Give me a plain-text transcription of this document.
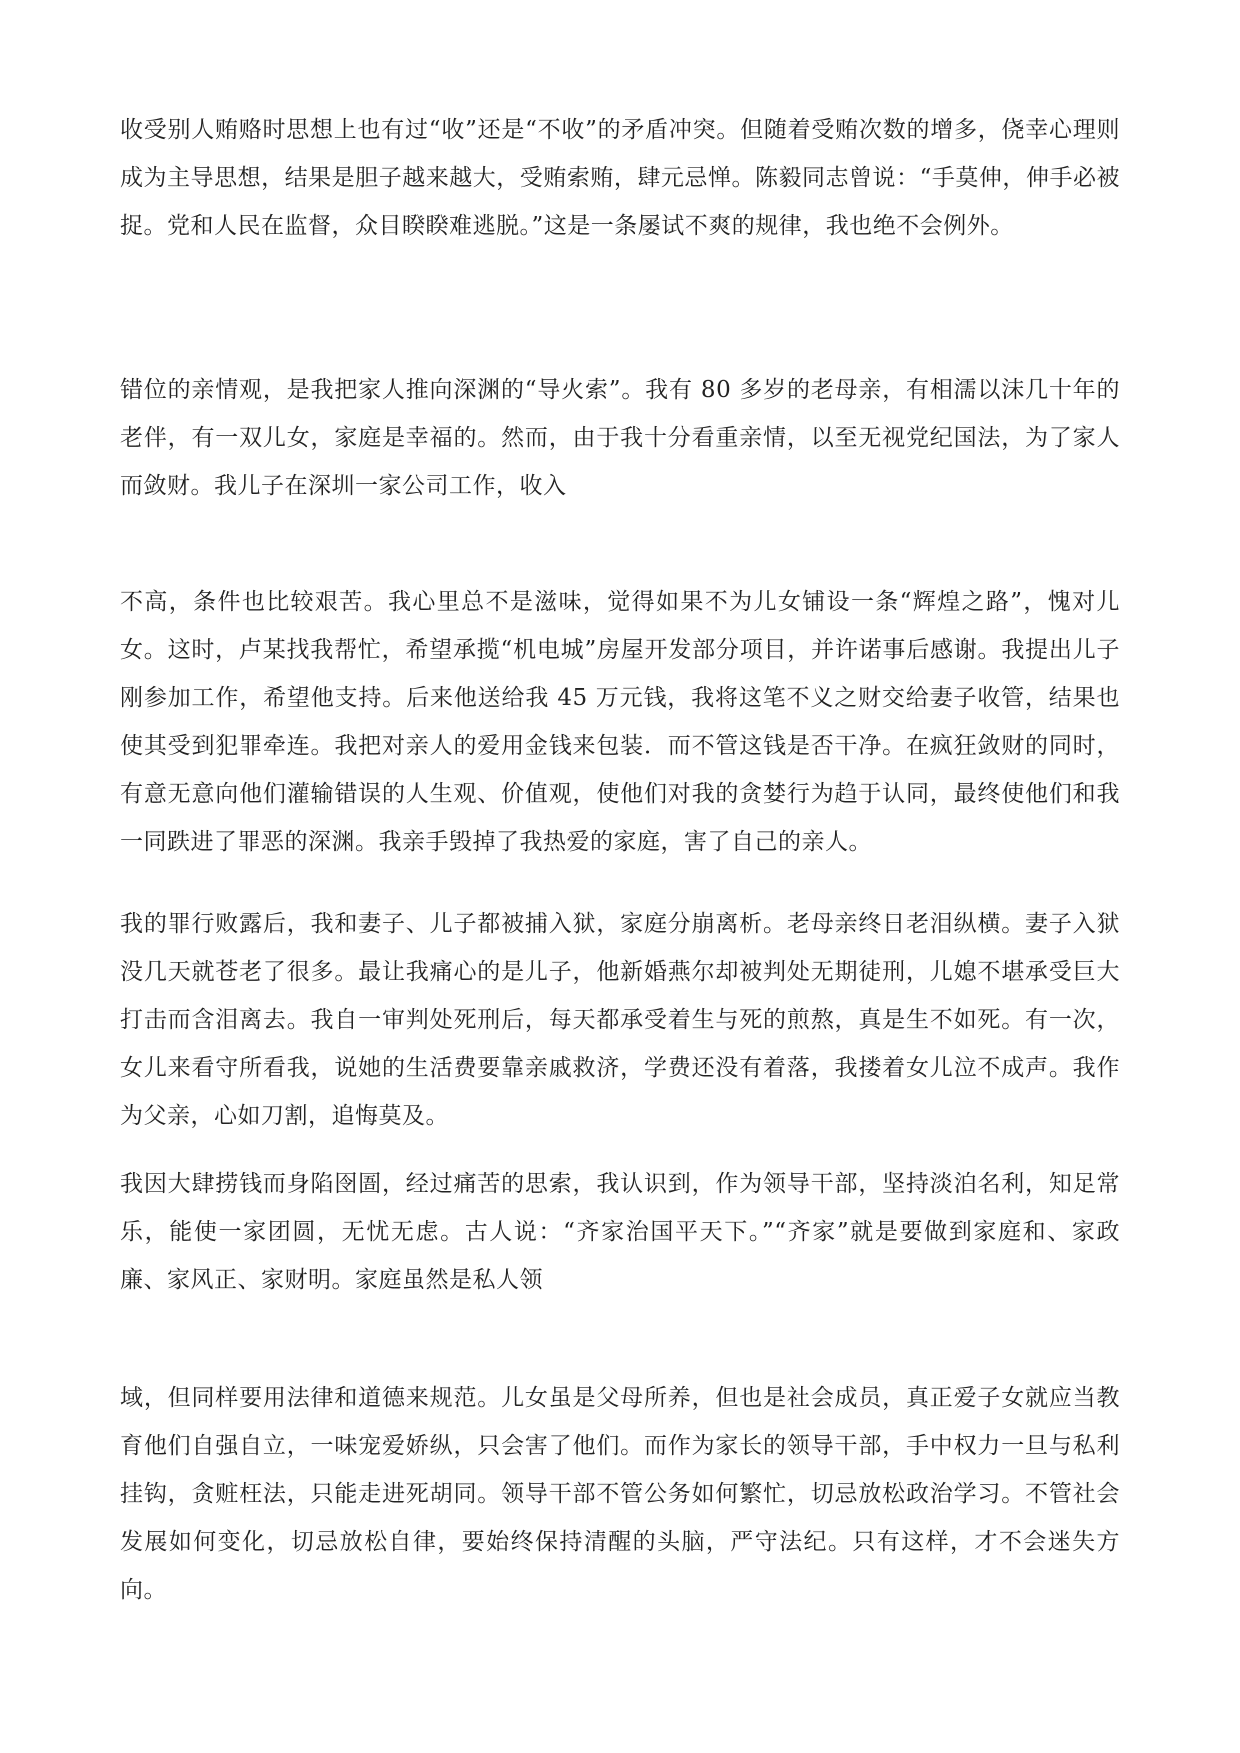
收受别人贿赂时思想上也有过“收”还是“不收”的矛盾冲突。但随着受贿次数的增多，侥幸心理则成为主导思想，结果是胆子越来越大，受贿索贿，肆元忌惮。陈毅同志曾说：“手莫伸，伸手必被捉。党和人民在监督，众目睽睽难逃脱。”这是一条屡试不爽的规律，我也绝不会例外。

错位的亲情观，是我把家人推向深渊的“导火索”。我有 80 多岁的老母亲，有相濡以沫几十年的老伴，有一双儿女，家庭是幸福的。然而，由于我十分看重亲情，以至无视党纪国法，为了家人而敛财。我儿子在深圳一家公司工作，收入

不高，条件也比较艰苦。我心里总不是滋味，觉得如果不为儿女铺设一条“辉煌之路”，愧对儿女。这时，卢某找我帮忙，希望承揽“机电城”房屋开发部分项目，并许诺事后感谢。我提出儿子刚参加工作，希望他支持。后来他送给我 45 万元钱，我将这笔不义之财交给妻子收管，结果也使其受到犯罪牵连。我把对亲人的爱用金钱来包装．而不管这钱是否干净。在疯狂敛财的同时，有意无意向他们灌输错误的人生观、价值观，使他们对我的贪婪行为趋于认同，最终使他们和我一同跌进了罪恶的深渊。我亲手毁掉了我热爱的家庭，害了自己的亲人。

我的罪行败露后，我和妻子、儿子都被捕入狱，家庭分崩离析。老母亲终日老泪纵横。妻子入狱没几天就苍老了很多。最让我痛心的是儿子，他新婚燕尔却被判处无期徒刑，儿媳不堪承受巨大打击而含泪离去。我自一审判处死刑后，每天都承受着生与死的煎熬，真是生不如死。有一次，女儿来看守所看我，说她的生活费要靠亲戚救济，学费还没有着落，我搂着女儿泣不成声。我作为父亲，心如刀割，追悔莫及。

我因大肆捞钱而身陷囹圄，经过痛苦的思索，我认识到，作为领导干部，坚持淡泊名利，知足常乐，能使一家团圆，无忧无虑。古人说：“齐家治国平天下。”“齐家”就是要做到家庭和、家政廉、家风正、家财明。家庭虽然是私人领

域，但同样要用法律和道德来规范。儿女虽是父母所养，但也是社会成员，真正爱子女就应当教育他们自强自立，一味宠爱娇纵，只会害了他们。而作为家长的领导干部，手中权力一旦与私利挂钩，贪赃枉法，只能走进死胡同。领导干部不管公务如何繁忙，切忌放松政治学习。不管社会发展如何变化，切忌放松自律，要始终保持清醒的头脑，严守法纪。只有这样，才不会迷失方向。
